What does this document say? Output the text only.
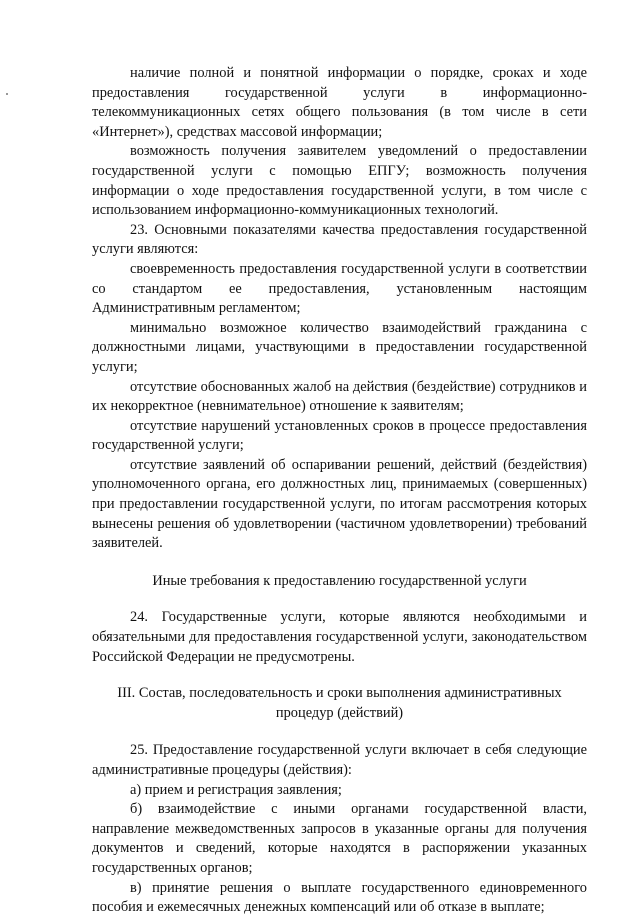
наличие полной и понятной информации о порядке, сроках и ходе предоставления государственной услуги в информационно-телекоммуникационных сетях общего пользования (в том числе в сети «Интернет»), средствах массовой информации;

возможность получения заявителем уведомлений о предоставлении государственной услуги с помощью ЕПГУ; возможность получения информации о ходе предоставления государственной услуги, в том числе с использованием информационно-коммуникационных технологий.

23. Основными показателями качества предоставления государственной услуги являются:

своевременность предоставления государственной услуги в соответствии со стандартом ее предоставления, установленным настоящим Административным регламентом;

минимально возможное количество взаимодействий гражданина с должностными лицами, участвующими в предоставлении государственной услуги;

отсутствие обоснованных жалоб на действия (бездействие) сотрудников и их некорректное (невнимательное) отношение к заявителям;

отсутствие нарушений установленных сроков в процессе предоставления государственной услуги;

отсутствие заявлений об оспаривании решений, действий (бездействия) уполномоченного органа, его должностных лиц, принимаемых (совершенных) при предоставлении государственной услуги, по итогам рассмотрения которых вынесены решения об удовлетворении (частичном удовлетворении) требований заявителей.

Иные требования к предоставлению государственной услуги

24. Государственные услуги, которые являются необходимыми и обязательными для предоставления государственной услуги, законодательством Российской Федерации не предусмотрены.

III. Состав, последовательность и сроки выполнения административных
процедур (действий)

25. Предоставление государственной услуги включает в себя следующие административные процедуры (действия):

а) прием и регистрация заявления;

б) взаимодействие с иными органами государственной власти, направление межведомственных запросов в указанные органы для получения документов и сведений, которые находятся в распоряжении указанных государственных органов;

в) принятие решения о выплате государственного единовременного пособия и ежемесячных денежных компенсаций или об отказе в выплате;
